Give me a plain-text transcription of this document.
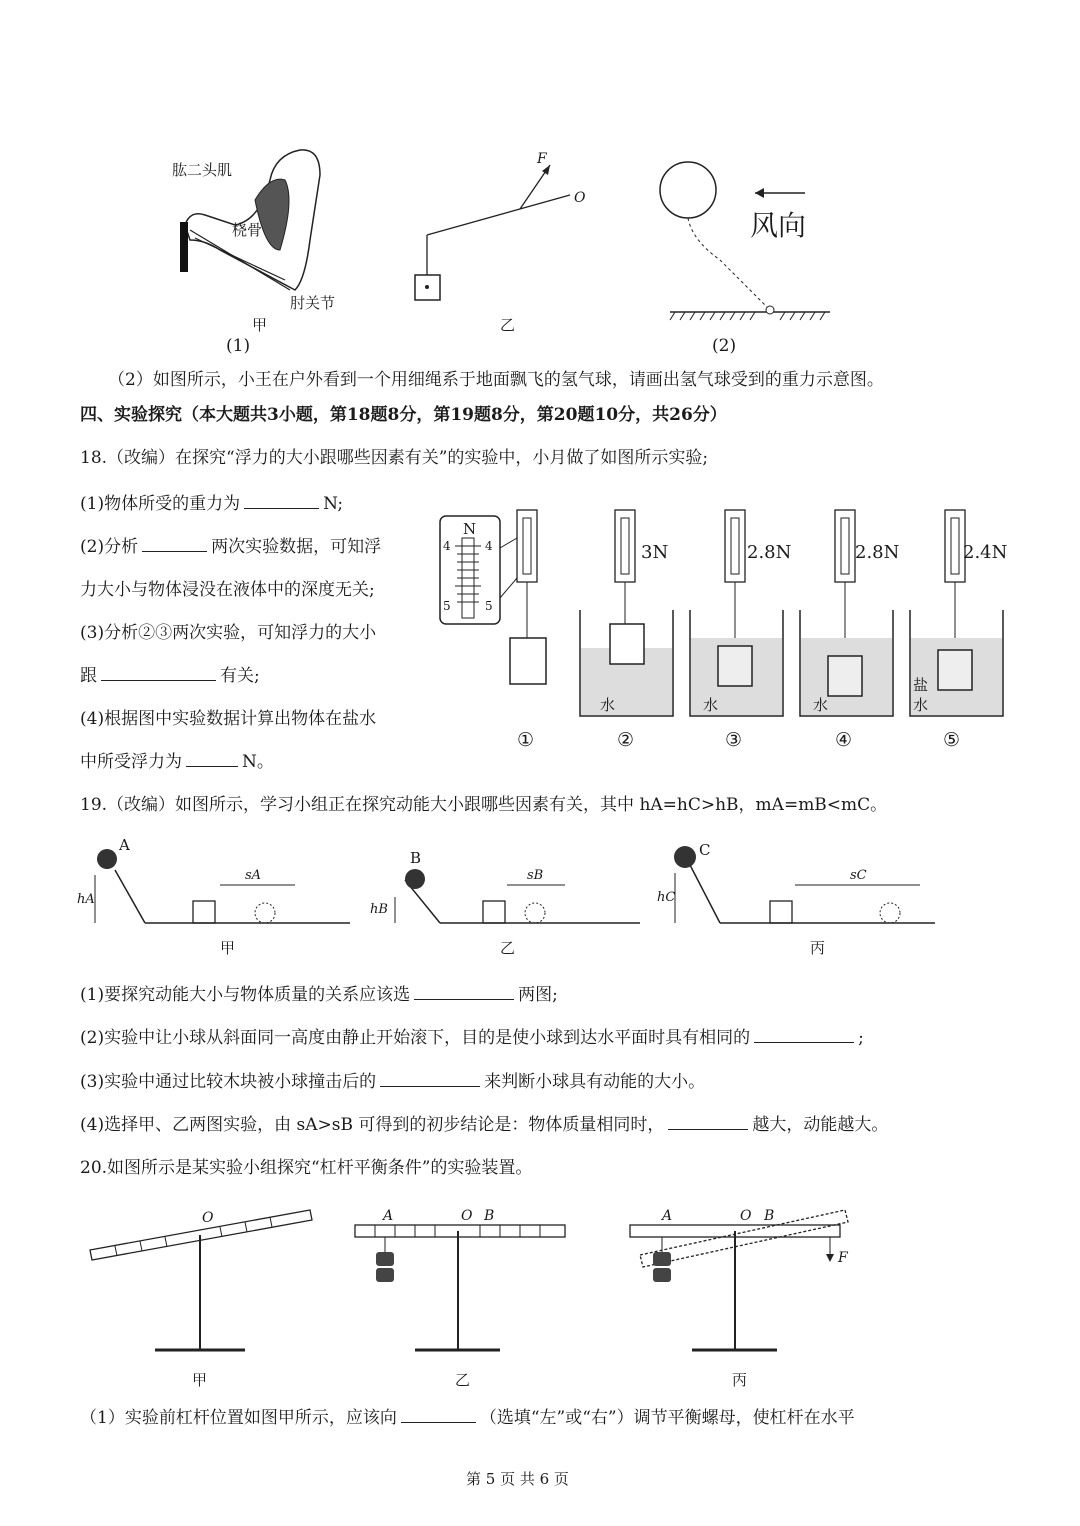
肱二头肌
桡骨
肘关节
甲
(1)
F
O
乙
风向
(2)
（2）如图所示，小王在户外看到一个用细绳系于地面飘飞的氢气球，请画出氢气球受到的重力示意图。
四、实验探究（本大题共3小题，第18题8分，第19题8分，第20题10分，共26分）
18.（改编）在探究“浮力的大小跟哪些因素有关”的实验中，小月做了如图所示实验;
(1)物体所受的重力为	N;
(2)分析	两次实验数据，可知浮
力大小与物体浸没在液体中的深度无关;
(3)分析②③两次实验，可知浮力的大小
跟	有关;
(4)根据图中实验数据计算出物体在盐水
中所受浮力为	N。
N
4	4
5	5
①
3N
水
②
2.8N
水
③
2.8N
水
④
2.4N
盐
水
⑤
19.（改编）如图所示，学习小组正在探究动能大小跟哪些因素有关，其中 hA=hC>hB，mA=mB<mC。
A
hA
sA
甲
B
hB
sB
乙
C
hC
sC
丙
(1)要探究动能大小与物体质量的关系应该选	两图;
(2)实验中让小球从斜面同一高度由静止开始滚下，目的是使小球到达水平面时具有相同的	;
(3)实验中通过比较木块被小球撞击后的	来判断小球具有动能的大小。
(4)选择甲、乙两图实验，由 sA>sB 可得到的初步结论是：物体质量相同时，	越大，动能越大。
20.如图所示是某实验小组探究“杠杆平衡条件”的实验装置。
O
甲
A	O B
乙
A	O B
F
丙
（1）实验前杠杆位置如图甲所示，应该向	（选填“左”或“右”）调节平衡螺母，使杠杆在水平
第 5 页 共 6 页
